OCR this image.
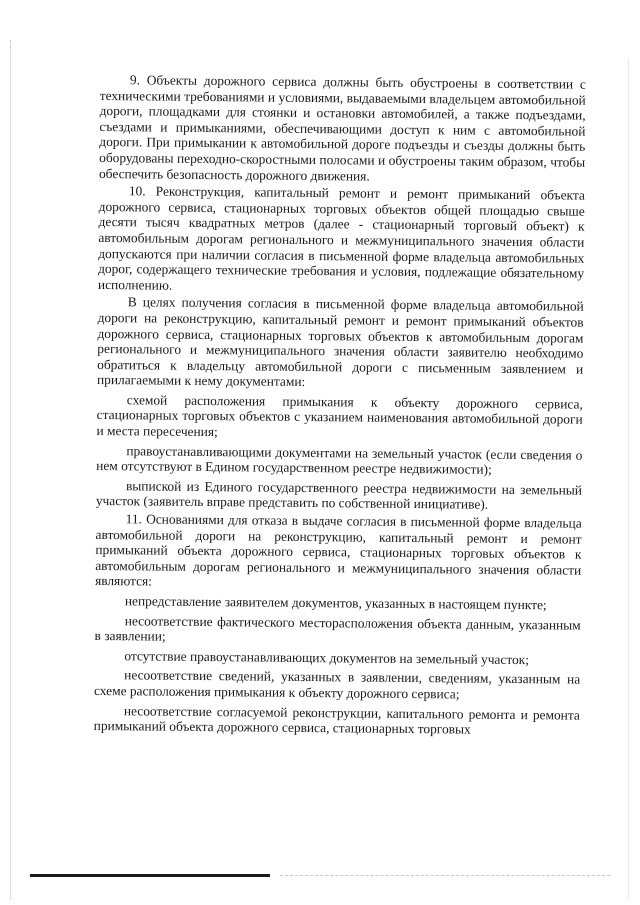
9. Объекты дорожного сервиса должны быть обустроены в соответствии с техническими требованиями и условиями, выдаваемыми владельцем автомобильной дороги, площадками для стоянки и остановки автомобилей, а также подъездами, съездами и примыканиями, обеспечивающими доступ к ним с автомобильной дороги. При примыкании к автомобильной дороге подъезды и съезды должны быть оборудованы переходно-скоростными полосами и обустроены таким образом, чтобы обеспечить безопасность дорожного движения.

10. Реконструкция, капитальный ремонт и ремонт примыканий объекта дорожного сервиса, стационарных торговых объектов общей площадью свыше десяти тысяч квадратных метров (далее - стационарный торговый объект) к автомобильным дорогам регионального и межмуниципального значения области допускаются при наличии согласия в письменной форме владельца автомобильных дорог, содержащего технические требования и условия, подлежащие обязательному исполнению.

В целях получения согласия в письменной форме владельца автомобильной дороги на реконструкцию, капитальный ремонт и ремонт примыканий объектов дорожного сервиса, стационарных торговых объектов к автомобильным дорогам регионального и межмуниципального значения области заявителю необходимо обратиться к владельцу автомобильной дороги с письменным заявлением и прилагаемыми к нему документами:

схемой расположения примыкания к объекту дорожного сервиса, стационарных торговых объектов с указанием наименования автомобильной дороги и места пересечения;

правоустанавливающими документами на земельный участок (если сведения о нем отсутствуют в Едином государственном реестре недвижимости);

выпиской из Единого государственного реестра недвижимости на земельный участок (заявитель вправе представить по собственной инициативе).

11. Основаниями для отказа в выдаче согласия в письменной форме владельца автомобильной дороги на реконструкцию, капитальный ремонт и ремонт примыканий объекта дорожного сервиса, стационарных торговых объектов к автомобильным дорогам регионального и межмуниципального значения области являются:

непредставление заявителем документов, указанных в настоящем пункте;

несоответствие фактического месторасположения объекта данным, указанным в заявлении;

отсутствие правоустанавливающих документов на земельный участок;

несоответствие сведений, указанных в заявлении, сведениям, указанным на схеме расположения примыкания к объекту дорожного сервиса;

несоответствие согласуемой реконструкции, капитального ремонта и ремонта примыканий объекта дорожного сервиса, стационарных торговых
